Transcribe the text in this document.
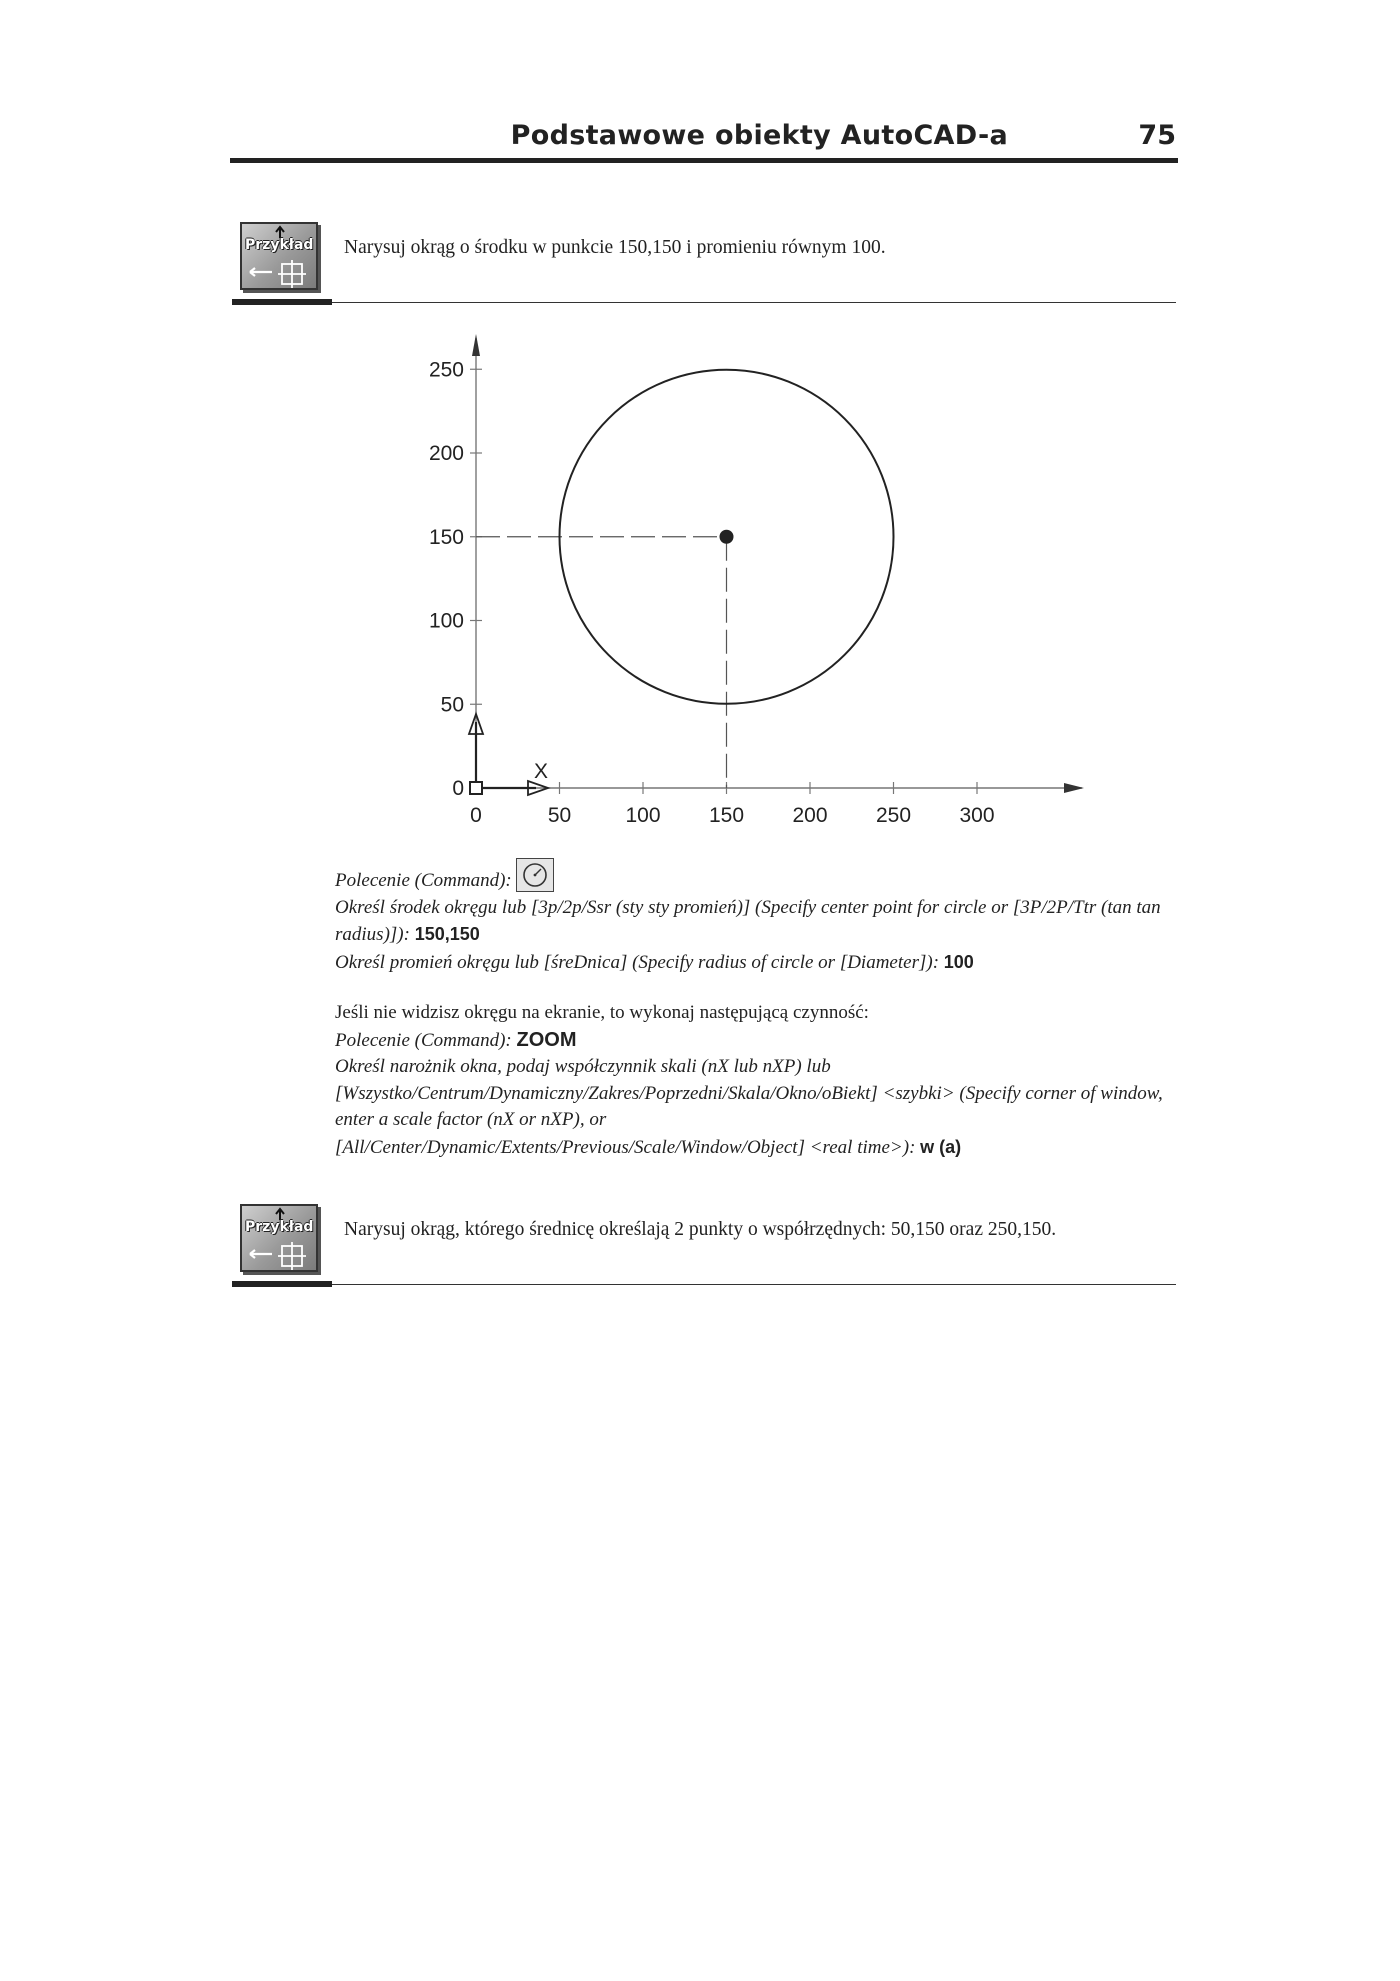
Podstawowe obiekty AutoCAD-a	75
Przykład Narysuj okrąg o środku w punkcie 150,150 i promieniu równym 100.
250
200
150
100
50
0
0	50	100 150 200 250 300
X
Polecenie (Command):
Określ środek okręgu lub [3p/2p/Ssr (sty sty promień)] (Specify center point for circle or [3P/2P/Ttr (tan tan radius)]): 150,150
Określ promień okręgu lub [śreDnica] (Specify radius of circle or [Diameter]): 100
Jeśli nie widzisz okręgu na ekranie, to wykonaj następującą czynność:
Polecenie (Command): ZOOM
Określ narożnik okna, podaj współczynnik skali (nX lub nXP) lub
[Wszystko/Centrum/Dynamiczny/Zakres/Poprzedni/Skala/Okno/oBiekt] <szybki> (Specify corner of window, enter a scale factor (nX or nXP), or
[All/Center/Dynamic/Extents/Previous/Scale/Window/Object] <real time>): w (a)
Przykład Narysuj okrąg, którego średnicę określają 2 punkty o współrzędnych: 50,150 oraz 250,150.
